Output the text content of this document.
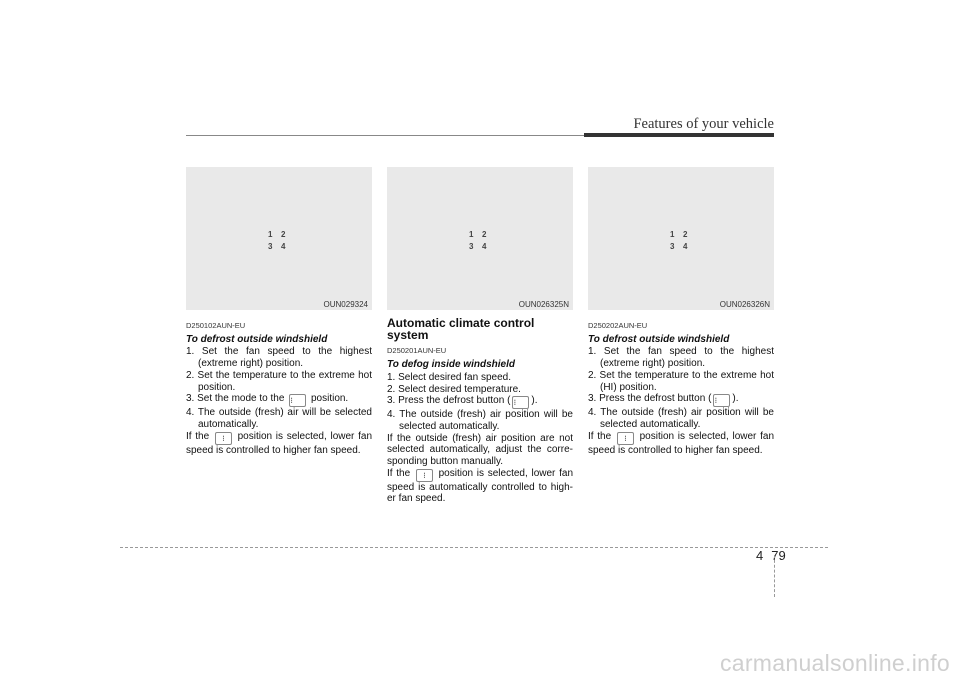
Features of your vehicle
1 2
3 4
OUN029324
1 2
3 4
OUN026325N
1 2
3 4
OUN026326N

D250102AUN-EU

To defrost outside windshield

1. Set the fan speed to the highest (extreme right) position.

2. Set the temperature to the extreme hot position.

3. Set the mode to the ⁝ position.

4. The outside (fresh) air will be selected automatically.

If the ⁝ position is selected, lower fan speed is controlled to higher fan speed.

Automatic climate control system

D250201AUN-EU

To defog inside windshield

1. Select desired fan speed.

2. Select desired temperature.

3. Press the defrost button ( ⁝ ).

4. The outside (fresh) air position will be selected automatically.

If the outside (fresh) air position are not selected automatically, adjust the corre-sponding button manually.

If the ⁝ position is selected, lower fan speed is automatically controlled to high-er fan speed.

D250202AUN-EU

To defrost outside windshield

1. Set the fan speed to the highest (extreme right) position.

2. Set the temperature to the extreme hot (HI) position.

3. Press the defrost button ( ⁝ ).

4. The outside (fresh) air position will be selected automatically.

If the ⁝ position is selected, lower fan speed is controlled to higher fan speed.

4 79
carmanualsonline.info
